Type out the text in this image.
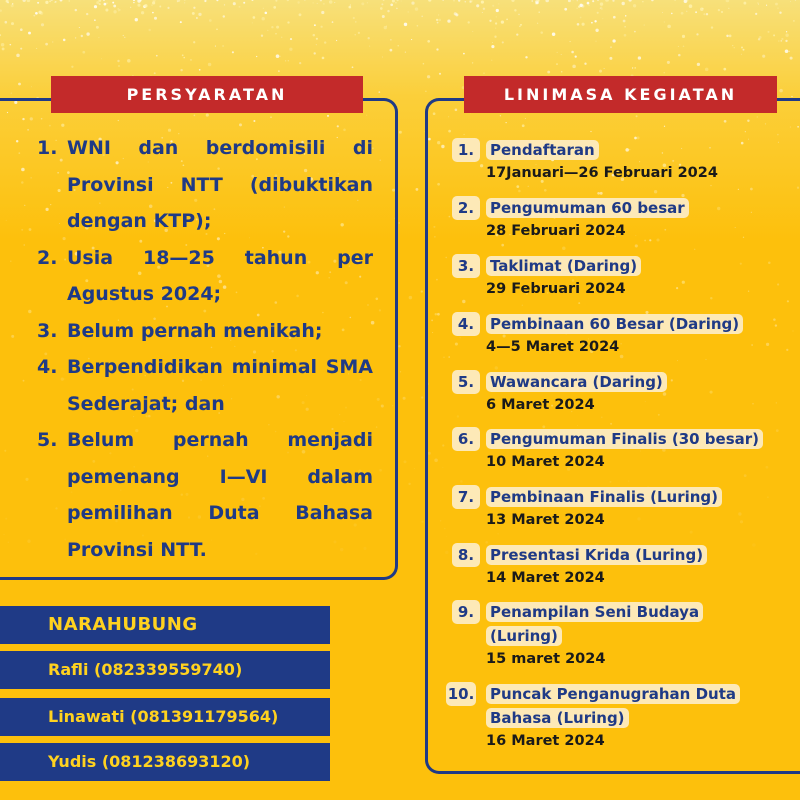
PERSYARATAN
1. WNI dan berdomisili di Provinsi NTT (dibuktikan dengan KTP);
2. Usia 18—25 tahun per Agustus 2024;
3. Belum pernah menikah;
4. Berpendidikan minimal SMA Sederajat; dan
5. Belum pernah menjadi pemenang I—VI dalam pemilihan Duta Bahasa Provinsi NTT.
NARAHUBUNG
Rafli (082339559740)
Linawati (081391179564)
Yudis (081238693120)
LINIMASA KEGIATAN
1.	Pendaftaran
17Januari—26 Februari 2024
2.	Pengumuman 60 besar
28 Februari 2024
3.	Taklimat (Daring)
29 Februari 2024
4.	Pembinaan 60 Besar (Daring)
4—5 Maret 2024
5.	Wawancara (Daring)
6 Maret 2024
6.	Pengumuman Finalis (30 besar)
10 Maret 2024
7.	Pembinaan Finalis (Luring)
13 Maret 2024
8.	Presentasi Krida (Luring)
14 Maret 2024
9.	Penampilan Seni Budaya (Luring)
15 maret 2024
10. Puncak Penganugrahan Duta Bahasa (Luring)
16 Maret 2024
